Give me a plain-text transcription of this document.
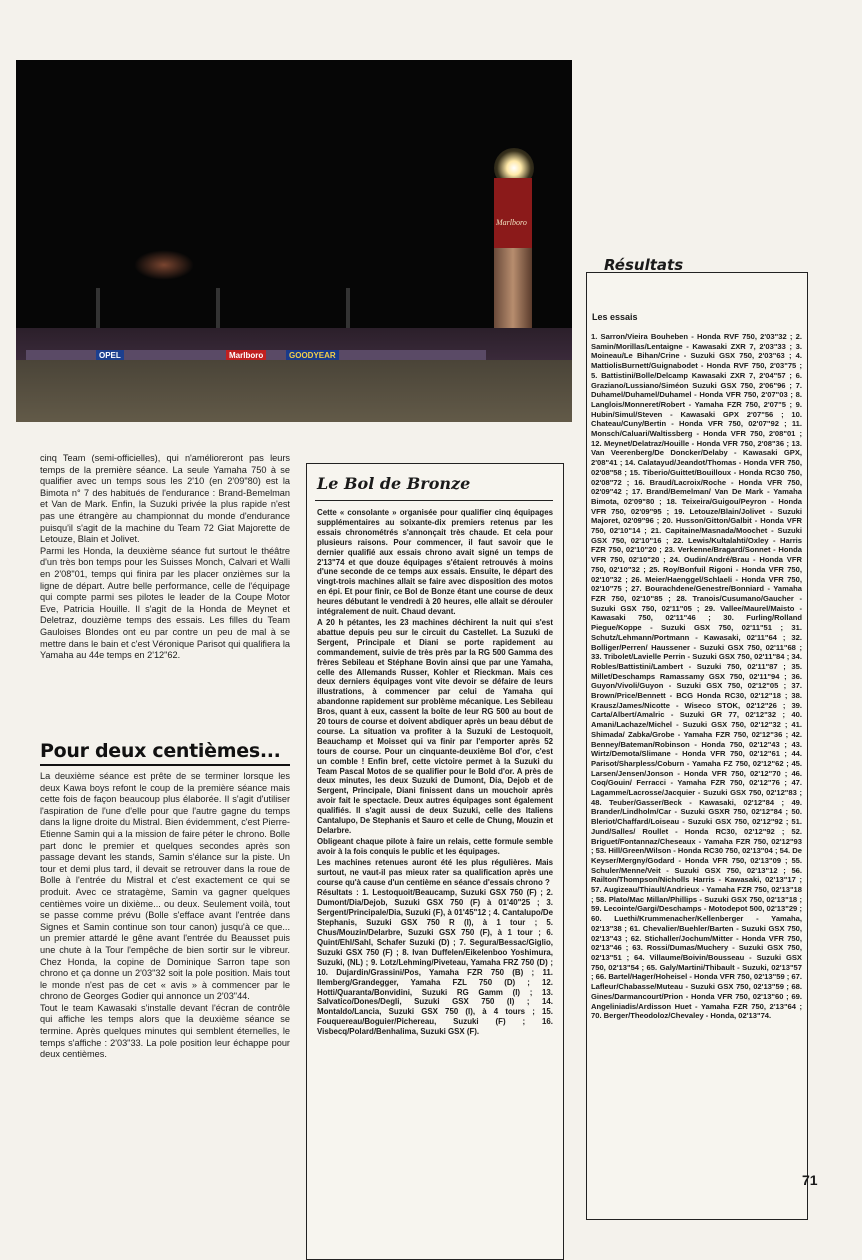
Marlboro
OPEL	Marlboro	GOODYEAR

cinq Team (semi-officielles), qui n'amélioreront pas leurs temps de la première séance. La seule Yamaha 750 à se qualifier avec un temps sous les 2'10 (en 2'09"80) est la Bimota n° 7 des habitués de l'endurance : Brand-Bemelman et Van de Mark. Enfin, la Suzuki privée la plus rapide n'est pas une étrangère au championnat du monde d'endurance puisqu'il s'agit de la machine du Team 72 Giat Majorette de Letouze, Blain et Jolivet.

Parmi les Honda, la deuxième séance fut surtout le théâtre d'un très bon temps pour les Suisses Monch, Calvari et Walli en 2'08"01, temps qui finira par les placer onzièmes sur la ligne de départ. Autre belle performance, celle de l'équipage qui compte parmi ses pilotes le leader de la Coupe Motor Eve, Patricia Houille. Il s'agit de la Honda de Meynet et Deletraz, douzième temps des essais. Les filles du Team Gauloises Blondes ont eu par contre un peu de mal à se mettre dans le bain et c'est Véronique Parisot qui qualifiera la Yamaha au 44e temps en 2'12"62.

Pour deux centièmes...

La deuxième séance est prête de se terminer lorsque les deux Kawa boys refont le coup de la première séance mais cette fois de façon beaucoup plus élaborée. Il s'agit d'utiliser l'aspiration de l'une d'elle pour que l'autre gagne du temps dans la ligne droite du Mistral. Bien évidemment, c'est Pierre-Etienne Samin qui a la mission de faire péter le chrono. Bolle part donc le premier et quelques secondes après son passage devant les stands, Samin s'élance sur la piste. Un tour et demi plus tard, il devait se retrouver dans la roue de Bolle à l'entrée du Mistral et c'est exactement ce qui se produit. Avec ce stratagème, Samin va gagner quelques centièmes voire un dixième... ou deux. Seulement voilà, tout se passe comme prévu (Bolle s'efface avant l'entrée dans Signes et Samin continue son tour canon) jusqu'à ce que... un premier attardé le gêne avant l'entrée du Beausset puis une chute à la Tour l'empêche de bien sortir sur le vibreur. Chez Honda, la copine de Dominique Sarron tape son chrono et ça donne un 2'03"32 soit la pole position. Mais tout le monde n'est pas de cet « avis » à commencer par le chrono de Georges Godier qui annonce un 2'03"44.

Tout le team Kawasaki s'installe devant l'écran de contrôle qui affiche les temps alors que la deuxième séance se termine. Après quelques minutes qui semblent éternelles, le temps s'affiche : 2'03"33. La pole position leur échappe pour deux centièmes.

Le Bol de Bronze

Cette « consolante » organisée pour qualifier cinq équipages supplémentaires au soixante-dix premiers retenus par les essais chronométrés s'annonçait très chaude. Et cela pour plusieurs raisons. Pour commencer, il faut savoir que le dernier qualifié aux essais chrono avait signé un temps de 2'13"74 et que douze équipages s'étaient retrouvés à moins d'une seconde de ce temps aux essais. Ensuite, le départ des vingt-trois machines allait se faire avec disposition des motos en épi. Et pour finir, ce Bol de Bonze étant une course de deux heures débutant le vendredi à 20 heures, elle allait se dérouler intégralement de nuit. Chaud devant.

A 20 h pétantes, les 23 machines déchirent la nuit qui s'est abattue depuis peu sur le circuit du Castellet. La Suzuki de Sergent, Principale et Diani se porte rapidement au commandement, suivie de très près par la RG 500 Gamma des frères Sebileau et Stéphane Bovin ainsi que par une Yamaha, celle des Allemands Russer, Kohler et Rieckman. Mais ces deux derniers équipages vont vite devoir se défaire de leurs illustrations, à commencer par celui de Yamaha qui abandonne rapidement sur problème mécanique. Les Sebileau Bros, quant à eux, cassent la boîte de leur RG 500 au bout de 20 tours de course et doivent abdiquer après un beau début de course. La situation va profiter à la Suzuki de Lestoquoit, Beauchamp et Moisset qui va finir par l'emporter après 52 tours de course. Pour un cinquante-deuxième Bol d'or, c'est un comble ! Enfin bref, cette victoire permet à la Suzuki du Team Pascal Motos de se qualifier pour le Bold d'or. A près de deux minutes, les deux Suzuki de Dumont, Dia, Dejob et de Sergent, Principale, Diani finissent dans un mouchoir après avoir fait le spectacle. Deux autres équipages sont également qualifiés. Il s'agit aussi de deux Suzuki, celle des Italiens Cantalupo, De Stephanis et Sauro et celle de Chung, Mouzin et Delarbre.

Obligeant chaque pilote à faire un relais, cette formule semble avoir à la fois conquis le public et les équipages.

Les machines retenues auront été les plus régulières. Mais surtout, ne vaut-il pas mieux rater sa qualification après une course qu'à cause d'un centième en séance d'essais chrono ?

Résultats : 1. Lestoquoit/Beaucamp, Suzuki GSX 750 (F) ; 2. Dumont/Dia/Dejob, Suzuki GSX 750 (F) à 01'40"25 ; 3. Sergent/Principale/Dia, Suzuki (F), à 01'45"12 ; 4. Cantalupo/De Stephanis, Suzuki GSX 750 R (I), à 1 tour ; 5. Chus/Mouzin/Delarbre, Suzuki GSX 750 (F), à 1 tour ; 6. Quint/Ehl/Sahl, Schafer Suzuki (D) ; 7. Segura/Bessac/Giglio, Suzuki GSX 750 (F) ; 8. Ivan Duffelen/Eikelenboo Yoshimura, Suzuki, (NL) ; 9. Lotz/Lehming/Piveteau, Yamaha FRZ 750 (D) ; 10. Dujardin/Grassini/Pos, Yamaha FZR 750 (B) ; 11. Ilemberg/Grandegger, Yamaha FZL 750 (D) ; 12. Hotti/Quaranta/Bonvidini, Suzuki RG Gamm (I) ; 13. Salvatico/Dones/Degli, Suzuki GSX 750 (I) ; 14. Montaldo/Lancia, Suzuki GSX 750 (I), à 4 tours ; 15. Fouquereau/Boguier/Pichereau, Suzuki (F) ; 16. Visbecq/Polard/Benhalima, Suzuki GSX (F).

Résultats
Les essais
1. Sarron/Vieira Bouheben - Honda RVF 750, 2'03"32 ; 2. Samin/Morillas/Lentaigne - Kawasaki ZXR 7, 2'03"33 ; 3. Moineau/Le Bihan/Crine - Suzuki GSX 750, 2'03"63 ; 4. MattiolisBurnett/Guignabodet - Honda RVF 750, 2'03"75 ; 5. Battistini/Bolle/Delcamp Kawasaki ZXR 7, 2'04"57 ; 6. Graziano/Lussiano/Siméon Suzuki GSX 750, 2'06"96 ; 7. Duhamel/Duhamel/Duhamel - Honda VFR 750, 2'07"03 ; 8. Langlois/Monneret/Robert - Yamaha FZR 750, 2'07"5 ; 9. Hubin/Simul/Steven - Kawasaki GPX 2'07"56 ; 10. Chateau/Cuny/Bertin - Honda VFR 750, 02'07"92 ; 11. Monsch/Caluari/Waltissberg - Honda VFR 750, 2'08"01 ; 12. Meynet/Delatraz/Houille - Honda VFR 750, 2'08"36 ; 13. Van Veerenberg/De Doncker/Delaby - Kawasaki GPX, 2'08"41 ; 14. Calatayud/Jeandot/Thomas - Honda VFR 750, 02'08"58 ; 15. Tiberio/Guittet/Bouilloux - Honda RC30 750, 02'08"72 ; 16. Braud/Lacroix/Roche - Honda VFR 750, 02'09"42 ; 17. Brand/Bemelman/ Van De Mark - Yamaha Bimota, 02'09"80 ; 18. Teixeira/Guigou/Peyron - Honda VFR 750, 02'09"95 ; 19. Letouze/Blain/Jolivet - Suzuki Majoret, 02'09"96 ; 20. Husson/Gitton/Galbit - Honda VFR 750, 02'10"14 ; 21. Capitaine/Masnada/Moochet - Suzuki GSX 750, 02'10"16 ; 22. Lewis/Kultalahti/Oxley - Harris FZR 750, 02'10"20 ; 23. Verkenne/Bragard/Sonnet - Honda VFR 750, 02'10"20 ; 24. Oudin/André/Brau - Honda VFR 750, 02'10"32 ; 25. Roy/Bonfuil Rigoni - Honda VFR 750, 02'10"32 ; 26. Meier/Haenggel/Schlaeli - Honda VFR 750, 02'10"75 ; 27. Bourachdene/Genestre/Bonniard - Yamaha FZR 750, 02'10"85 ; 28. Tranois/Cusumano/Gaucher - Suzuki GSX 750, 02'11"05 ; 29. Vallee/Maurel/Maisto - Kawasaki 750, 02'11"46 ; 30. Furling/Rolland Piegue/Koppe - Suzuki GSX 750, 02'11"51 ; 31. Schutz/Lehmann/Portmann - Kawasaki, 02'11"64 ; 32. Bolliger/Perren/ Haussener - Suzuki GSX 750, 02'11"68 ; 33. Tribolet/Lavielle Perrin - Suzuki GSX 750, 02'11"84 ; 34. Robles/Battistini/Lambert - Suzuki 750, 02'11"87 ; 35. Millet/Deschamps Ramassamy GSX 750, 02'11"94 ; 36. Guyon/Vivoli/Guyon - Suzuki GSX 750, 02'12"05 ; 37. Brown/Price/Bennett - BCG Honda RC30, 02'12"18 ; 38. Krausz/James/Nicotte - Wiseco STOK, 02'12"26 ; 39. Carta/Albert/Amalric - Suzuki GR 77, 02'12"32 ; 40. Amani/Lachaze/Michel - Suzuki GSX 750, 02'12"32 ; 41. Shimada/ Zabka/Grobe - Yamaha FZR 750, 02'12"36 ; 42. Benney/Bateman/Robinson - Honda 750, 02'12"43 ; 43. Wirtz/Demota/Slimane - Honda VFR 750, 02'12"61 ; 44. Parisot/Sharpless/Coburn - Yamaha FZ 750, 02'12"62 ; 45. Larsen/Jensen/Jonson - Honda VFR 750, 02'12"70 ; 46. Coq/Gouin/ Ferracci - Yamaha FZR 750, 02'12"76 ; 47. Lagamme/Lacrosse/Jacquier - Suzuki GSX 750, 02'12"83 ; 48. Teuber/Gasser/Beck - Kawasaki, 02'12"84 ; 49. Brander/Lindholm/Car - Suzuki GSXR 750, 02'12"84 ; 50. Bleriot/Chaffard/Loiseau - Suzuki GSX 750, 02'12"92 ; 51. Jund/Salles/ Roullet - Honda RC30, 02'12"92 ; 52. Briguet/Fontannaz/Cheseaux - Yamaha FZR 750, 02'12"93 ; 53. Hill/Green/Wilson - Honda RC30 750, 02'13"04 ; 54. De Keyser/Mergny/Godard - Honda VFR 750, 02'13"09 ; 55. Schuler/Menne/Veit - Suzuki GSX 750, 02'13"12 ; 56. Railton/Thompson/Nicholls Harris - Kawasaki, 02'13"17 ; 57. Augizeau/Thiault/Andrieux - Yamaha FZR 750, 02'13"18 ; 58. Plato/Mac Millan/Phillips - Suzuki GSX 750, 02'13"18 ; 59. Lecointe/Gargi/Deschamps - Motodepot 500, 02'13"29 ; 60. Luethi/Krummenacher/Kellenberger - Yamaha, 02'13"38 ; 61. Chevalier/Buehler/Barten - Suzuki GSX 750, 02'13"43 ; 62. Stichaller/Jochum/Mitter - Honda VFR 750, 02'13"46 ; 63. Rossi/Dumas/Muchery - Suzuki GSX 750, 02'13"51 ; 64. Villaume/Boivin/Bousseau - Suzuki GSX 750, 02'13"54 ; 65. Galy/Martini/Thibault - Suzuki, 02'13"57 ; 66. Bartel/Hager/Hoheisel - Honda VFR 750, 02'13"59 ; 67. Lafleur/Chabasse/Muteau - Suzuki GSX 750, 02'13"59 ; 68. Gines/Darmancourt/Prion - Honda VFR 750, 02'13"60 ; 69. Angeliniadis/Ardisson Huet - Yamaha FZR 750, 2'13"64 ; 70. Berger/Theodoloz/Chevaley - Honda, 02'13"74.
71
